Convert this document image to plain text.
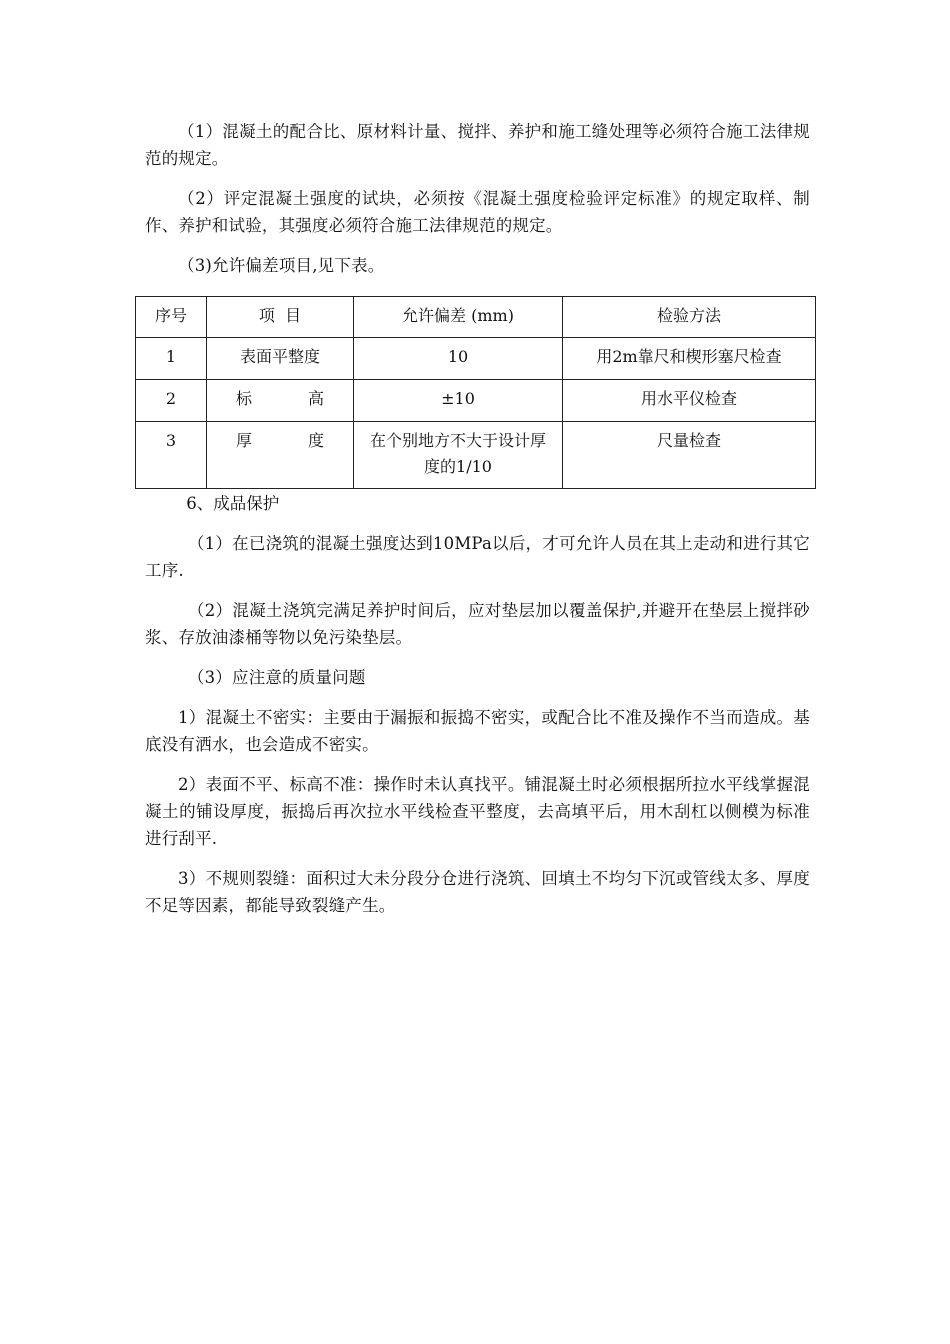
（1）混凝土的配合比、原材料计量、搅拌、养护和施工缝处理等必须符合施工法律规范的规定。

（2）评定混凝土强度的试块，必须按《混凝土强度检验评定标准》的规定取样、制作、养护和试验，其强度必须符合施工法律规范的规定。

（3)允许偏差项目,见下表。

序号	项  目	允许偏差 (mm)	检验方法
1	表面平整度	10	用2m靠尺和楔形塞尺检查
2	标 高	±10	用水平仪检查
3	厚 度	在个别地方不大于设计厚度的1/10	尺量检查

6、成品保护

（1）在已浇筑的混凝土强度达到10MPa以后，才可允许人员在其上走动和进行其它工序.

（2）混凝土浇筑完满足养护时间后，应对垫层加以覆盖保护,并避开在垫层上搅拌砂浆、存放油漆桶等物以免污染垫层。

（3）应注意的质量问题

1）混凝土不密实：主要由于漏振和振捣不密实，或配合比不准及操作不当而造成。基底没有洒水，也会造成不密实。

2）表面不平、标高不准：操作时未认真找平。铺混凝土时必须根据所拉水平线掌握混凝土的铺设厚度，振捣后再次拉水平线检查平整度，去高填平后，用木刮杠以侧模为标准进行刮平.

3）不规则裂缝：面积过大未分段分仓进行浇筑、回填土不均匀下沉或管线太多、厚度不足等因素，都能导致裂缝产生。
